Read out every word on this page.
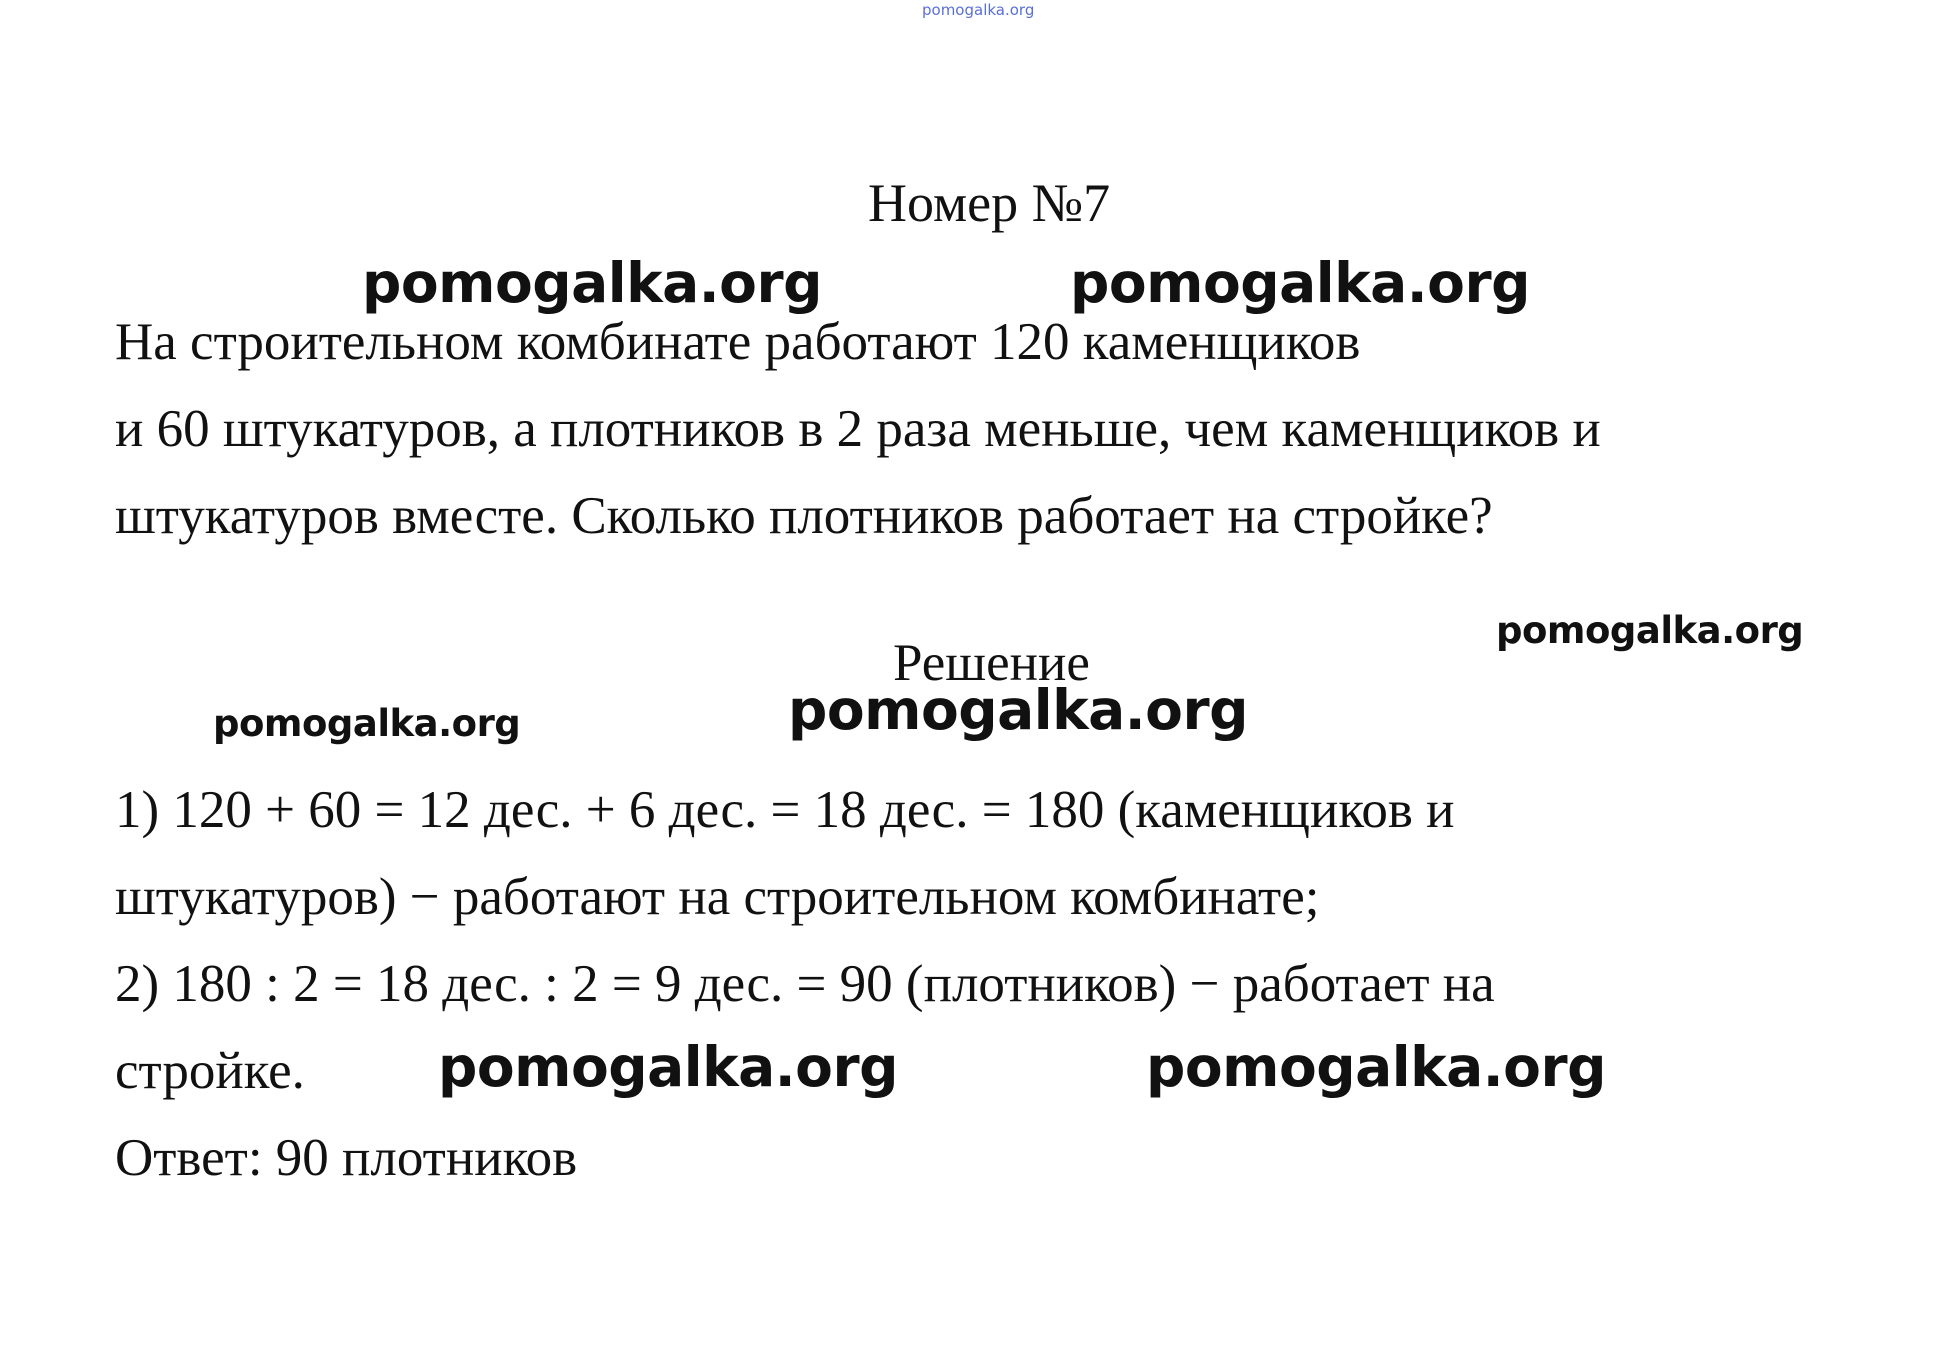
pomogalka.org
Номер №7
pomogalka.org	pomogalka.org
На строительном комбинате работают 120 каменщиков
и 60 штукатуров, а плотников в 2 раза меньше, чем каменщиков и
штукатуров вместе. Сколько плотников работает на стройке?
pomogalka.org
Решение
pomogalka.org	pomogalka.org
1) 120 + 60 = 12 дес. + 6 дес. = 18 дес. = 180 (каменщиков и
штукатуров) − работают на строительном комбинате;
2) 180 : 2 = 18 дес. : 2 = 9 дес. = 90 (плотников) − работает на
стройке. pomogalka.org	pomogalka.org
Ответ: 90 плотников
